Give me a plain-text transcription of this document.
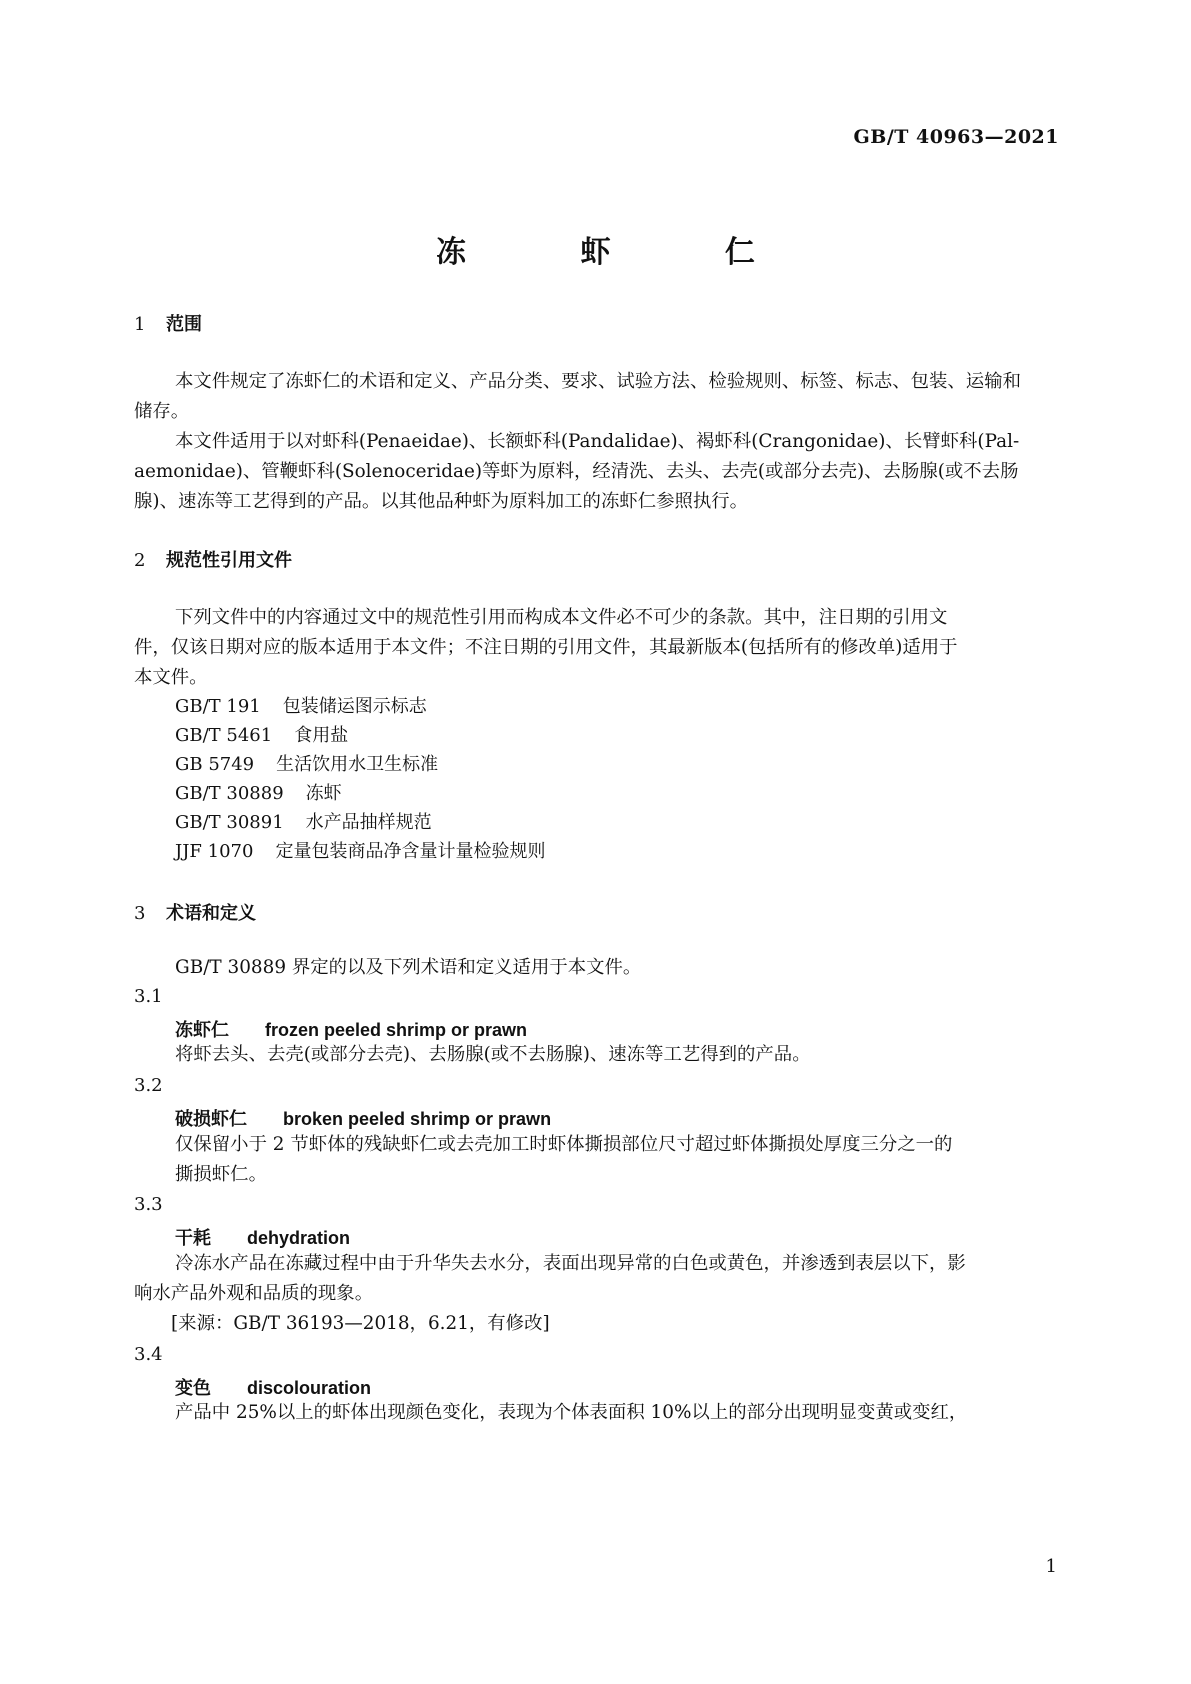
GB/T 40963—2021
冻 虾 仁
1 范围
本文件规定了冻虾仁的术语和定义、产品分类、要求、试验方法、检验规则、标签、标志、包装、运输和
储存。
本文件适用于以对虾科(Penaeidae)、长额虾科(Pandalidae)、褐虾科(Crangonidae)、长臂虾科(Pal-
aemonidae)、管鞭虾科(Solenoceridae)等虾为原料，经清洗、去头、去壳(或部分去壳)、去肠腺(或不去肠
腺)、速冻等工艺得到的产品。以其他品种虾为原料加工的冻虾仁参照执行。
2 规范性引用文件
下列文件中的内容通过文中的规范性引用而构成本文件必不可少的条款。其中，注日期的引用文
件，仅该日期对应的版本适用于本文件；不注日期的引用文件，其最新版本(包括所有的修改单)适用于
本文件。
GB/T 191 包装储运图示标志
GB/T 5461 食用盐
GB 5749 生活饮用水卫生标准
GB/T 30889 冻虾
GB/T 30891 水产品抽样规范
JJF 1070 定量包装商品净含量计量检验规则
3 术语和定义
GB/T 30889 界定的以及下列术语和定义适用于本文件。
3.1
冻虾仁 frozen peeled shrimp or prawn
将虾去头、去壳(或部分去壳)、去肠腺(或不去肠腺)、速冻等工艺得到的产品。
3.2
破损虾仁 broken peeled shrimp or prawn
仅保留小于 2 节虾体的残缺虾仁或去壳加工时虾体撕损部位尺寸超过虾体撕损处厚度三分之一的
撕损虾仁。
3.3
干耗 dehydration
冷冻水产品在冻藏过程中由于升华失去水分，表面出现异常的白色或黄色，并渗透到表层以下，影
响水产品外观和品质的现象。
[来源：GB/T 36193—2018，6.21，有修改]
3.4
变色 discolouration
产品中 25%以上的虾体出现颜色变化，表现为个体表面积 10%以上的部分出现明显变黄或变红，
1
